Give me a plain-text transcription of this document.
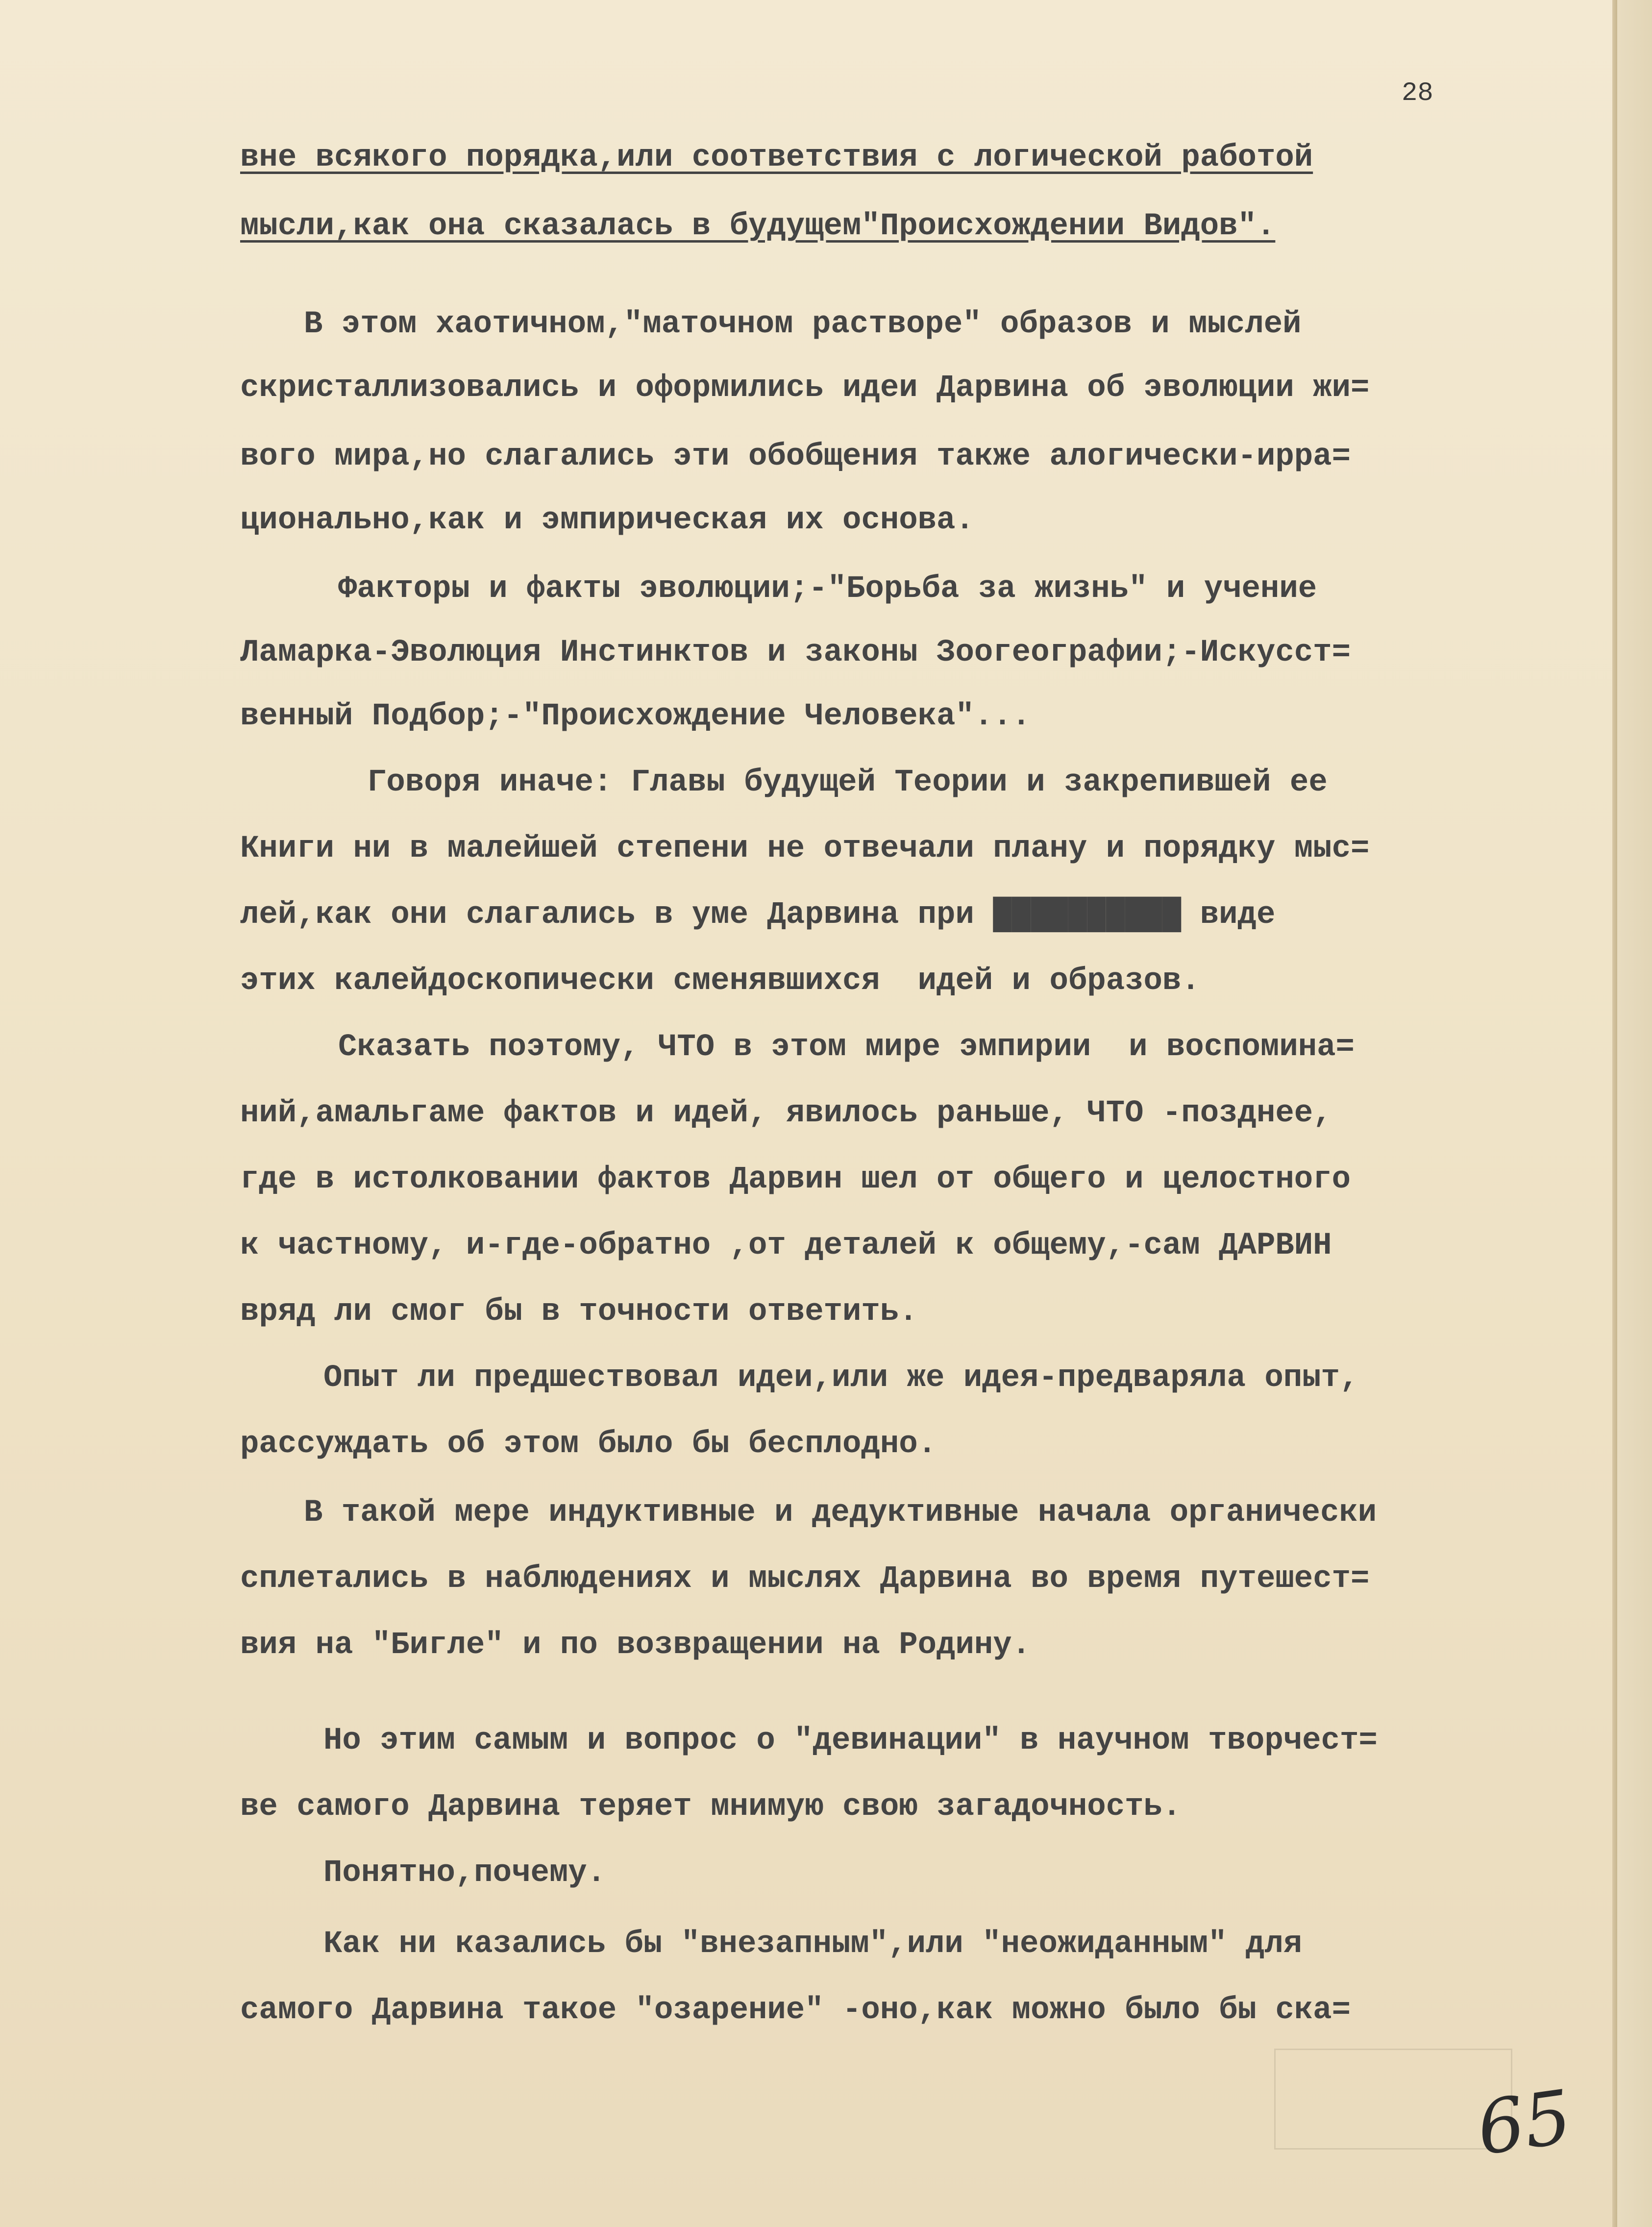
28
вне всякого порядка,или соответствия с логической работой
мысли,как она сказалась в будущем"Происхождении Видов".
В этом хаотичном,"маточном растворе" образов и мыслей
скристаллизовались и оформились идеи Дарвина об эволюции жи=
вого мира,но слагались эти обобщения также алогически-ирра=
ционально,как и эмпирическая их основа.
Факторы и факты эволюции;-"Борьба за жизнь" и учение
Ламарка-Эволюция Инстинктов и законы Зоогеографии;-Искусст=
венный Подбор;-"Происхождение Человека"...
Говоря иначе: Главы будущей Теории и закрепившей ее
Книги ни в малейшей степени не отвечали плану и порядку мыс=
лей,как они слагались в уме Дарвина при ██████████ виде
этих калейдоскопически сменявшихся  идей и образов.
Сказать поэтому, ЧТО в этом мире эмпирии  и воспомина=
ний,амальгаме фактов и идей, явилось раньше, ЧТО -позднее,
где в истолковании фактов Дарвин шел от общего и целостного
к частному, и-где-обратно ,от деталей к общему,-сам ДАРВИН
вряд ли смог бы в точности ответить.
Опыт ли предшествовал идеи,или же идея-предваряла опыт,
рассуждать об этом было бы бесплодно.
В такой мере индуктивные и дедуктивные начала органически
сплетались в наблюдениях и мыслях Дарвина во время путешест=
вия на "Бигле" и по возвращении на Родину.
Но этим самым и вопрос о "девинации" в научном творчест=
ве самого Дарвина теряет мнимую свою загадочность.
Понятно,почему.
Как ни казались бы "внезапным",или "неожиданным" для
самого Дарвина такое "озарение" -оно,как можно было бы ска=
65
